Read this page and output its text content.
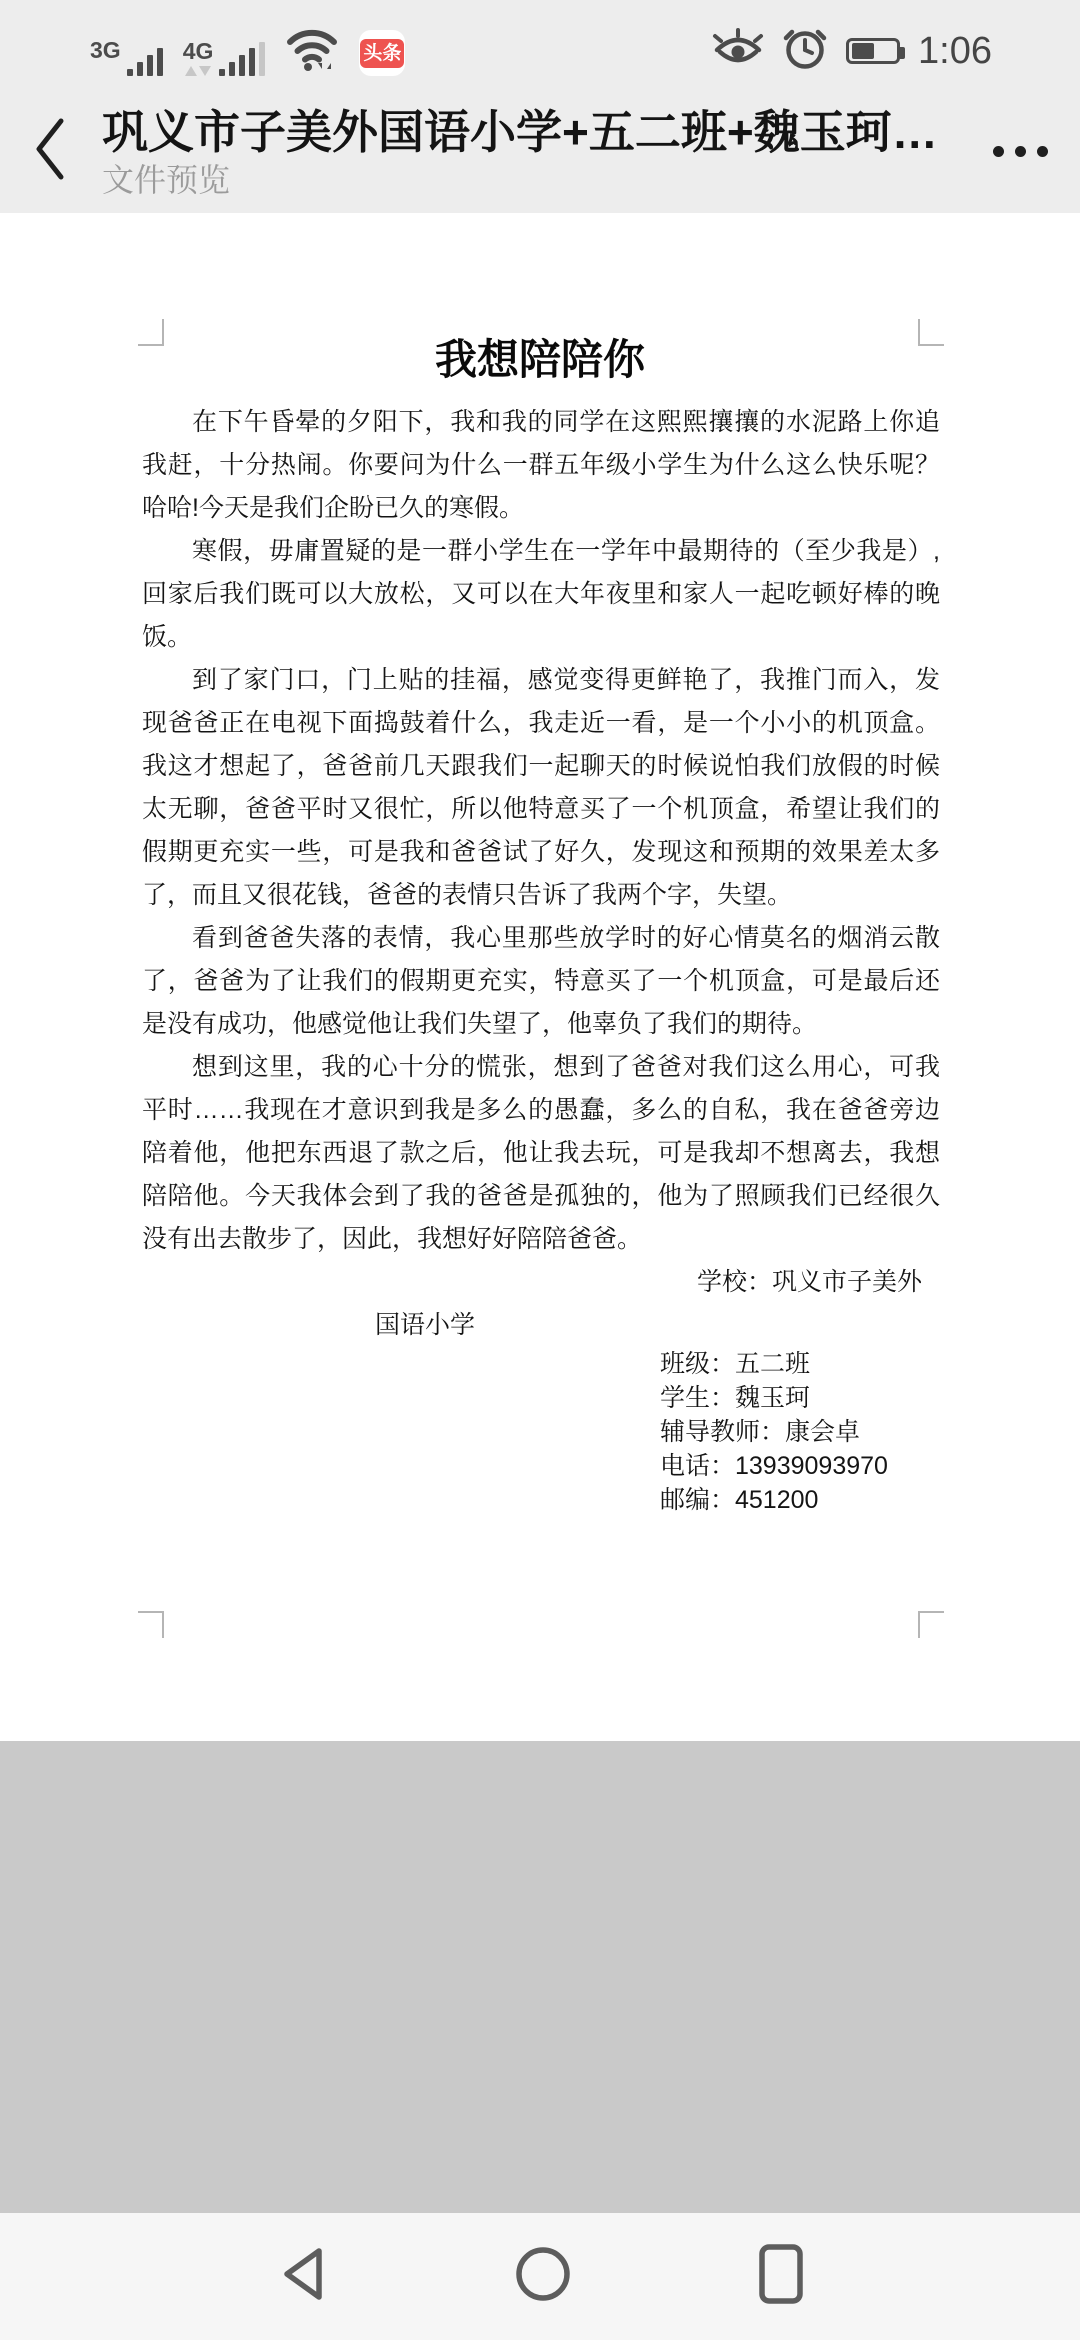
3G	4G	头条	1:06
巩义市子美外国语小学+五二班+魏玉珂…
文件预览
我想陪陪你

在下午昏晕的夕阳下，我和我的同学在这熙熙攘攘的水泥路上你追我赶，十分热闹。你要问为什么一群五年级小学生为什么这么快乐呢？哈哈!今天是我们企盼已久的寒假。

寒假，毋庸置疑的是一群小学生在一学年中最期待的（至少我是）,回家后我们既可以大放松，又可以在大年夜里和家人一起吃顿好棒的晚饭。

到了家门口，门上贴的挂福，感觉变得更鲜艳了，我推门而入，发现爸爸正在电视下面捣鼓着什么，我走近一看，是一个小小的机顶盒。我这才想起了，爸爸前几天跟我们一起聊天的时候说怕我们放假的时候太无聊，爸爸平时又很忙，所以他特意买了一个机顶盒，希望让我们的假期更充实一些，可是我和爸爸试了好久，发现这和预期的效果差太多了，而且又很花钱，爸爸的表情只告诉了我两个字，失望。

看到爸爸失落的表情，我心里那些放学时的好心情莫名的烟消云散了，爸爸为了让我们的假期更充实，特意买了一个机顶盒，可是最后还是没有成功，他感觉他让我们失望了，他辜负了我们的期待。

想到这里，我的心十分的慌张，想到了爸爸对我们这么用心，可我平时……我现在才意识到我是多么的愚蠢，多么的自私，我在爸爸旁边陪着他，他把东西退了款之后，他让我去玩，可是我却不想离去，我想陪陪他。今天我体会到了我的爸爸是孤独的，他为了照顾我们已经很久没有出去散步了，因此，我想好好陪陪爸爸。

学校：巩义市子美外
国语小学
班级：五二班
学生：魏玉珂
辅导教师：康会卓
电话：13939093970
邮编：451200
